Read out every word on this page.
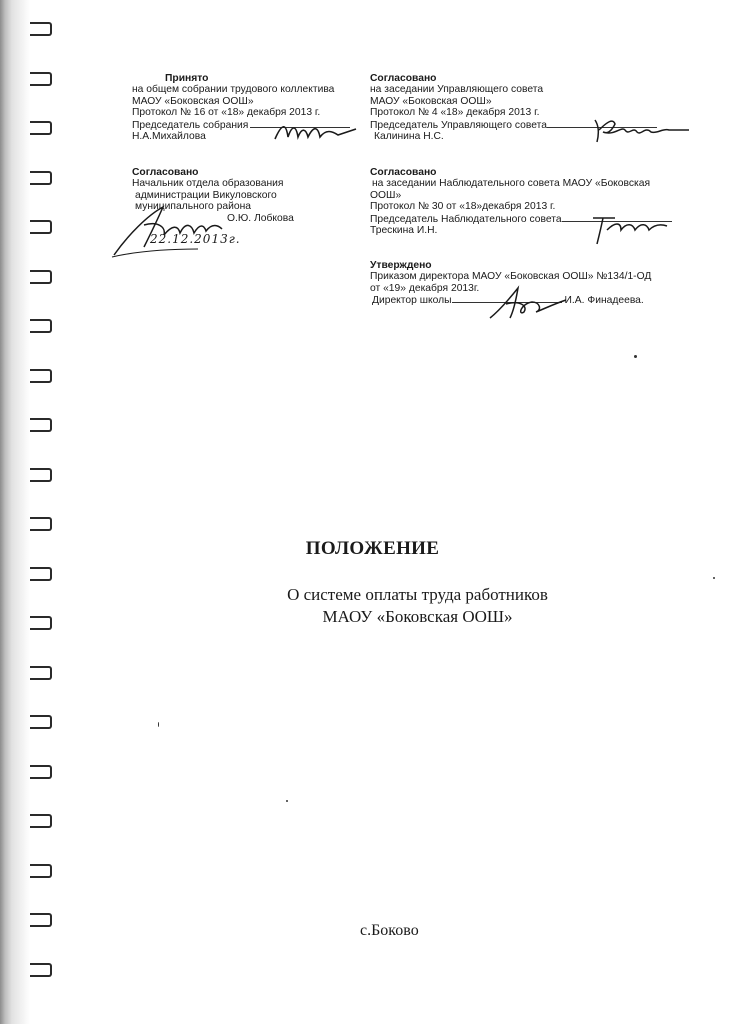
Принято
на общем собрании трудового коллектива
МАОУ «Боковская ООШ»
Протокол № 16 от «18» декабря 2013 г.
Председатель собрания
Н.А.Михайлова
Согласовано
на заседании Управляющего совета
МАОУ «Боковская ООШ»
Протокол № 4 «18» декабря 2013 г.
Председатель Управляющего совета
Калинина Н.С.
Согласовано
Начальник отдела образования
администрации Викуловского
муниципального района
О.Ю. Лобкова
22.12.2013г.
Согласовано
на заседании Наблюдательного совета МАОУ «Боковская
ООШ»
Протокол № 30 от «18»декабря 2013 г.
Председатель Наблюдательного совета
Трескина И.Н.
Утверждено
Приказом директора МАОУ «Боковская ООШ» №134/1-ОД
от «19» декабря 2013г.
Директор школы	И.А. Финадеева.
ПОЛОЖЕНИЕ
О системе оплаты труда работников
МАОУ «Боковская ООШ»
с.Боково
